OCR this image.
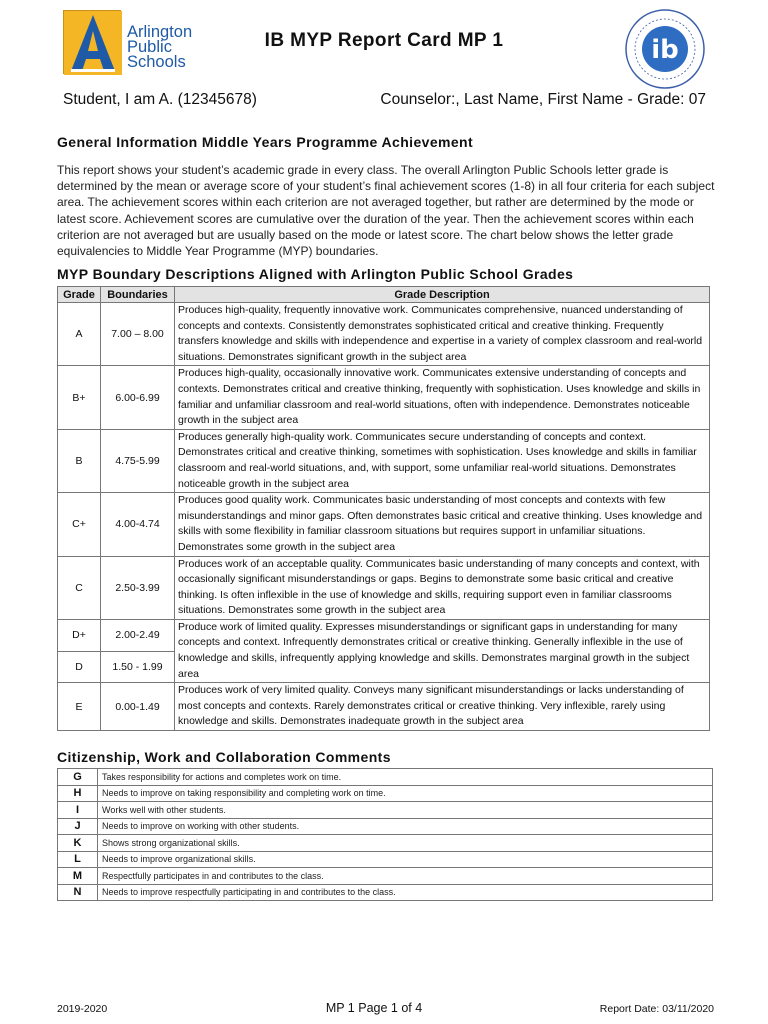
Arlington
Public
Schools
IB MYP Report Card MP 1	ib
Student, I am A. (12345678)	Counselor:, Last Name, First Name - Grade: 07
General Information Middle Years Programme Achievement
This report shows your student’s academic grade in every class. The overall Arlington Public Schools letter grade is determined by the mean or average score of your student’s final achievement scores (1-8) in all four criteria for each subject area. The achievement scores within each criterion are not averaged together, but rather are determined by the mode or latest score. Achievement scores are cumulative over the duration of the year. Then the achievement scores within each criterion are not averaged but are usually based on the mode or latest score. The chart below shows the letter grade equivalencies to Middle Year Programme (MYP) boundaries.
MYP Boundary Descriptions Aligned with Arlington Public School Grades
Grade	Boundaries	Grade Description
A	7.00 – 8.00	Produces high-quality, frequently innovative work. Communicates comprehensive, nuanced understanding of concepts and contexts. Consistently demonstrates sophisticated critical and creative thinking. Frequently transfers knowledge and skills with independence and expertise in a variety of complex classroom and real-world situations. Demonstrates significant growth in the subject area
B+	6.00-6.99	Produces high-quality, occasionally innovative work. Communicates extensive understanding of concepts and contexts. Demonstrates critical and creative thinking, frequently with sophistication. Uses knowledge and skills in familiar and unfamiliar classroom and real-world situations, often with independence. Demonstrates noticeable growth in the subject area
B	4.75-5.99	Produces generally high-quality work. Communicates secure understanding of concepts and context. Demonstrates critical and creative thinking, sometimes with sophistication. Uses knowledge and skills in familiar classroom and real-world situations, and, with support, some unfamiliar real-world situations. Demonstrates noticeable growth in the subject area
C+	4.00-4.74	Produces good quality work. Communicates basic understanding of most concepts and contexts with few misunderstandings and minor gaps. Often demonstrates basic critical and creative thinking. Uses knowledge and skills with some flexibility in familiar classroom situations but requires support in unfamiliar situations. Demonstrates some growth in the subject area
C	2.50-3.99	Produces work of an acceptable quality. Communicates basic understanding of many concepts and context, with occasionally significant misunderstandings or gaps. Begins to demonstrate some basic critical and creative thinking. Is often inflexible in the use of knowledge and skills, requiring support even in familiar classrooms situations. Demonstrates some growth in the subject area
D+	2.00-2.49	Produce work of limited quality. Expresses misunderstandings or significant gaps in understanding for many concepts and context. Infrequently demonstrates critical or creative thinking. Generally inflexible in the use of knowledge and skills, infrequently applying knowledge and skills. Demonstrates marginal growth in the subject area
D	1.50 - 1.99	
E	0.00-1.49	Produces work of very limited quality. Conveys many significant misunderstandings or lacks understanding of most concepts and contexts. Rarely demonstrates critical or creative thinking. Very inflexible, rarely using knowledge and skills. Demonstrates inadequate growth in the subject area
Citizenship, Work and Collaboration Comments
G	Takes responsibility for actions and completes work on time.
H	Needs to improve on taking responsibility and completing work on time.
I	Works well with other students.
J	Needs to improve on working with other students.
K	Shows strong organizational skills.
L	Needs to improve organizational skills.
M	Respectfully participates in and contributes to the class.
N	Needs to improve respectfully participating in and contributes to the class.
2019-2020	MP 1 Page 1 of 4	Report Date: 03/11/2020
